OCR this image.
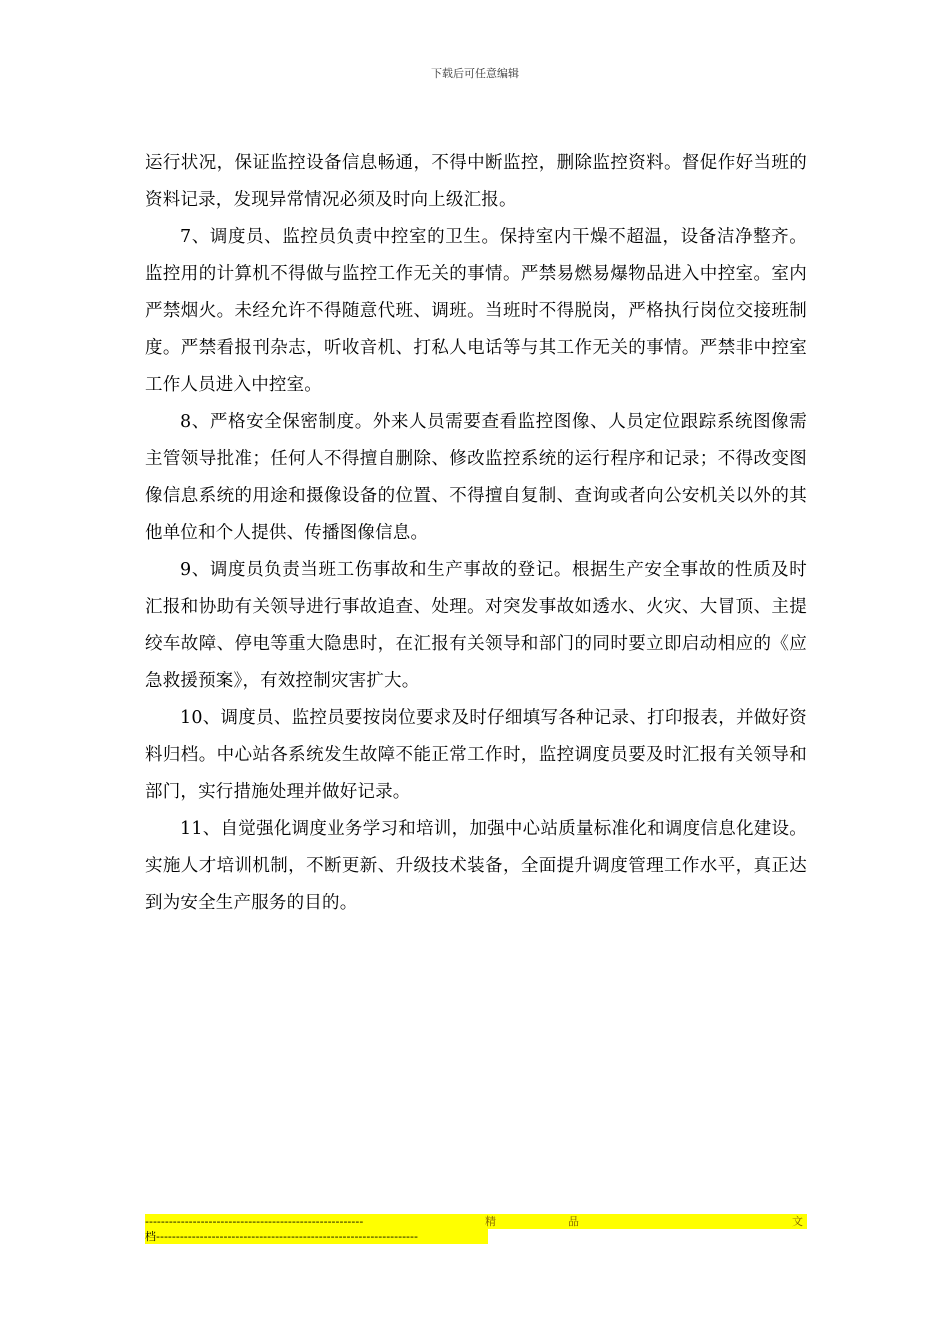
下载后可任意编辑

运行状况，保证监控设备信息畅通，不得中断监控，删除监控资料。督促作好当班的资料记录，发现异常情况必须及时向上级汇报。

7、调度员、监控员负责中控室的卫生。保持室内干燥不超温，设备洁净整齐。监控用的计算机不得做与监控工作无关的事情。严禁易燃易爆物品进入中控室。室内严禁烟火。未经允许不得随意代班、调班。当班时不得脱岗，严格执行岗位交接班制度。严禁看报刊杂志，听收音机、打私人电话等与其工作无关的事情。严禁非中控室工作人员进入中控室。

8、严格安全保密制度。外来人员需要查看监控图像、人员定位跟踪系统图像需主管领导批准；任何人不得擅自删除、修改监控系统的运行程序和记录；不得改变图像信息系统的用途和摄像设备的位置、不得擅自复制、查询或者向公安机关以外的其他单位和个人提供、传播图像信息。

9、调度员负责当班工伤事故和生产事故的登记。根据生产安全事故的性质及时汇报和协助有关领导进行事故追查、处理。对突发事故如透水、火灾、大冒顶、主提绞车故障、停电等重大隐患时，在汇报有关领导和部门的同时要立即启动相应的《应急救援预案》，有效控制灾害扩大。

10、调度员、监控员要按岗位要求及时仔细填写各种记录、打印报表，并做好资料归档。中心站各系统发生故障不能正常工作时，监控调度员要及时汇报有关领导和部门，实行措施处理并做好记录。

11、自觉强化调度业务学习和培训，加强中心站质量标准化和调度信息化建设。实施人才培训机制，不断更新、升级技术装备，全面提升调度管理工作水平，真正达到为安全生产服务的目的。

-------------------------------------------------------	精	品	文
档------------------------------------------------------------------
